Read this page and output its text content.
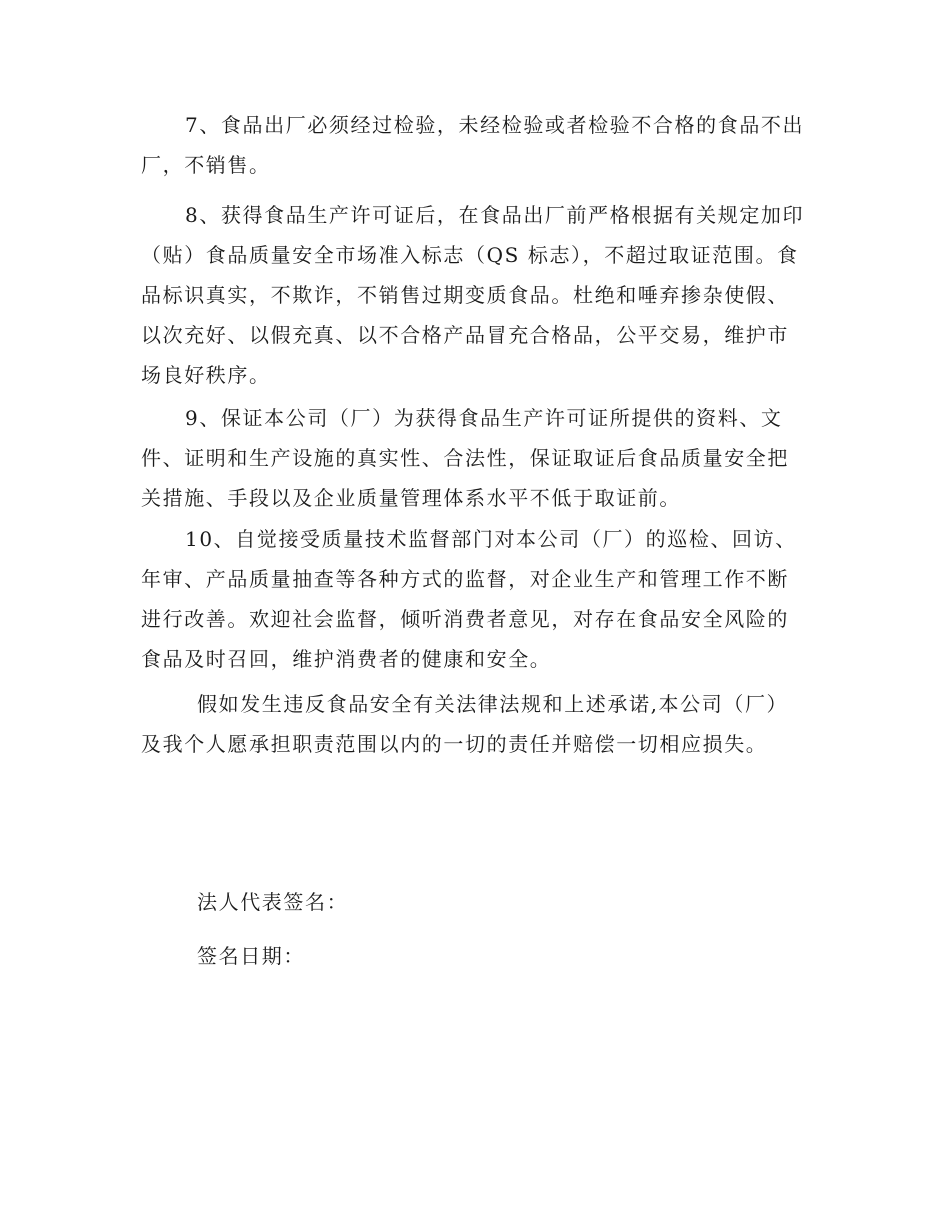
7、食品出厂必须经过检验，未经检验或者检验不合格的食品不出厂，不销售。

8、获得食品生产许可证后，在食品出厂前严格根据有关规定加印（贴）食品质量安全市场准入标志（QS 标志），不超过取证范围。食品标识真实，不欺诈，不销售过期变质食品。杜绝和唾弃掺杂使假、以次充好、以假充真、以不合格产品冒充合格品，公平交易，维护市场良好秩序。

9、保证本公司（厂）为获得食品生产许可证所提供的资料、文件、证明和生产设施的真实性、合法性，保证取证后食品质量安全把关措施、手段以及企业质量管理体系水平不低于取证前。

10、自觉接受质量技术监督部门对本公司（厂）的巡检、回访、年审、产品质量抽查等各种方式的监督，对企业生产和管理工作不断进行改善。欢迎社会监督，倾听消费者意见，对存在食品安全风险的食品及时召回，维护消费者的健康和安全。

假如发生违反食品安全有关法律法规和上述承诺,本公司（厂）及我个人愿承担职责范围以内的一切的责任并赔偿一切相应损失。

法人代表签名：

签名日期：
